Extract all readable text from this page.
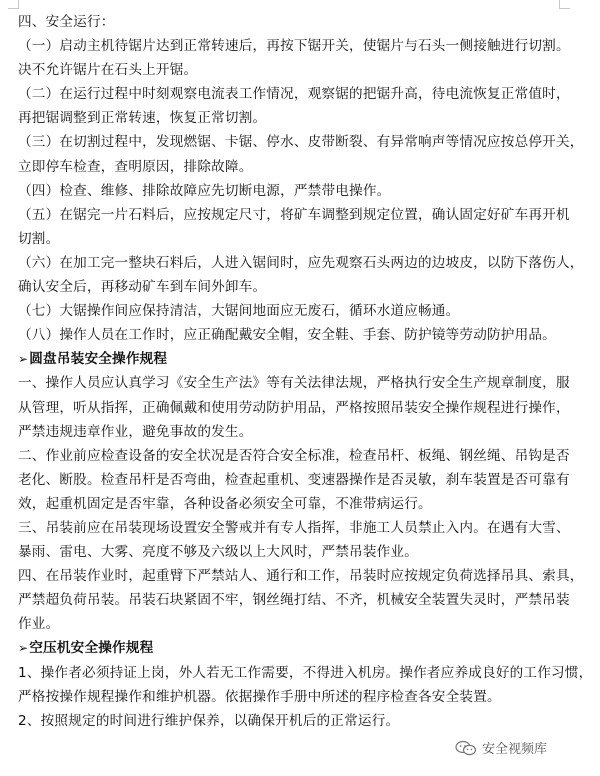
四、安全运行：
（一）启动主机待锯片达到正常转速后，再按下锯开关，使锯片与石头一侧接触进行切割。
决不允许锯片在石头上开锯。
（二）在运行过程中时刻观察电流表工作情况，观察锯的把锯升高，待电流恢复正常值时，
再把锯调整到正常转速，恢复正常切割。
（三）在切割过程中，发现燃锯、卡锯、停水、皮带断裂、有异常响声等情况应按总停开关，
立即停车检查，查明原因，排除故障。
（四）检查、维修、排除故障应先切断电源，严禁带电操作。
（五）在锯完一片石料后，应按规定尺寸，将矿车调整到规定位置，确认固定好矿车再开机
切割。
（六）在加工完一整块石料后，人进入锯间时，应先观察石头两边的边坡皮，以防下落伤人，
确认安全后，再移动矿车到车间外卸车。
（七）大锯操作间应保持清洁，大锯间地面应无废石，循环水道应畅通。
（八）操作人员在工作时，应正确配戴安全帽，安全鞋、手套、防护镜等劳动防护用品。
➢圆盘吊装安全操作规程
一、操作人员应认真学习《安全生产法》等有关法律法规，严格执行安全生产规章制度，服
从管理，听从指挥，正确佩戴和使用劳动防护用品，严格按照吊装安全操作规程进行操作，
严禁违规违章作业，避免事故的发生。
二、作业前应检查设备的安全状况是否符合安全标准，检查吊杆、板绳、钢丝绳、吊钩是否
老化、断股。检查吊杆是否弯曲，检查起重机、变速器操作是否灵敏，刹车装置是否可靠有
效，起重机固定是否牢靠，各种设备必须安全可靠，不准带病运行。
三、吊装前应在吊装现场设置安全警戒并有专人指挥，非施工人员禁止入内。在遇有大雪、
暴雨、雷电、大雾、亮度不够及六级以上大风时，严禁吊装作业。
四、在吊装作业时，起重臂下严禁站人、通行和工作，吊装时应按规定负荷选择吊具、索具，
严禁超负荷吊装。吊装石块紧固不牢，钢丝绳打结、不齐，机械安全装置失灵时，严禁吊装
作业。
➢空压机安全操作规程
1、操作者必须持证上岗，外人若无工作需要，不得进入机房。操作者应养成良好的工作习惯，
严格按操作规程操作和维护机器。依据操作手册中所述的程序检查各安全装置。
2、按照规定的时间进行维护保养，以确保开机后的正常运行。
安全视频库
